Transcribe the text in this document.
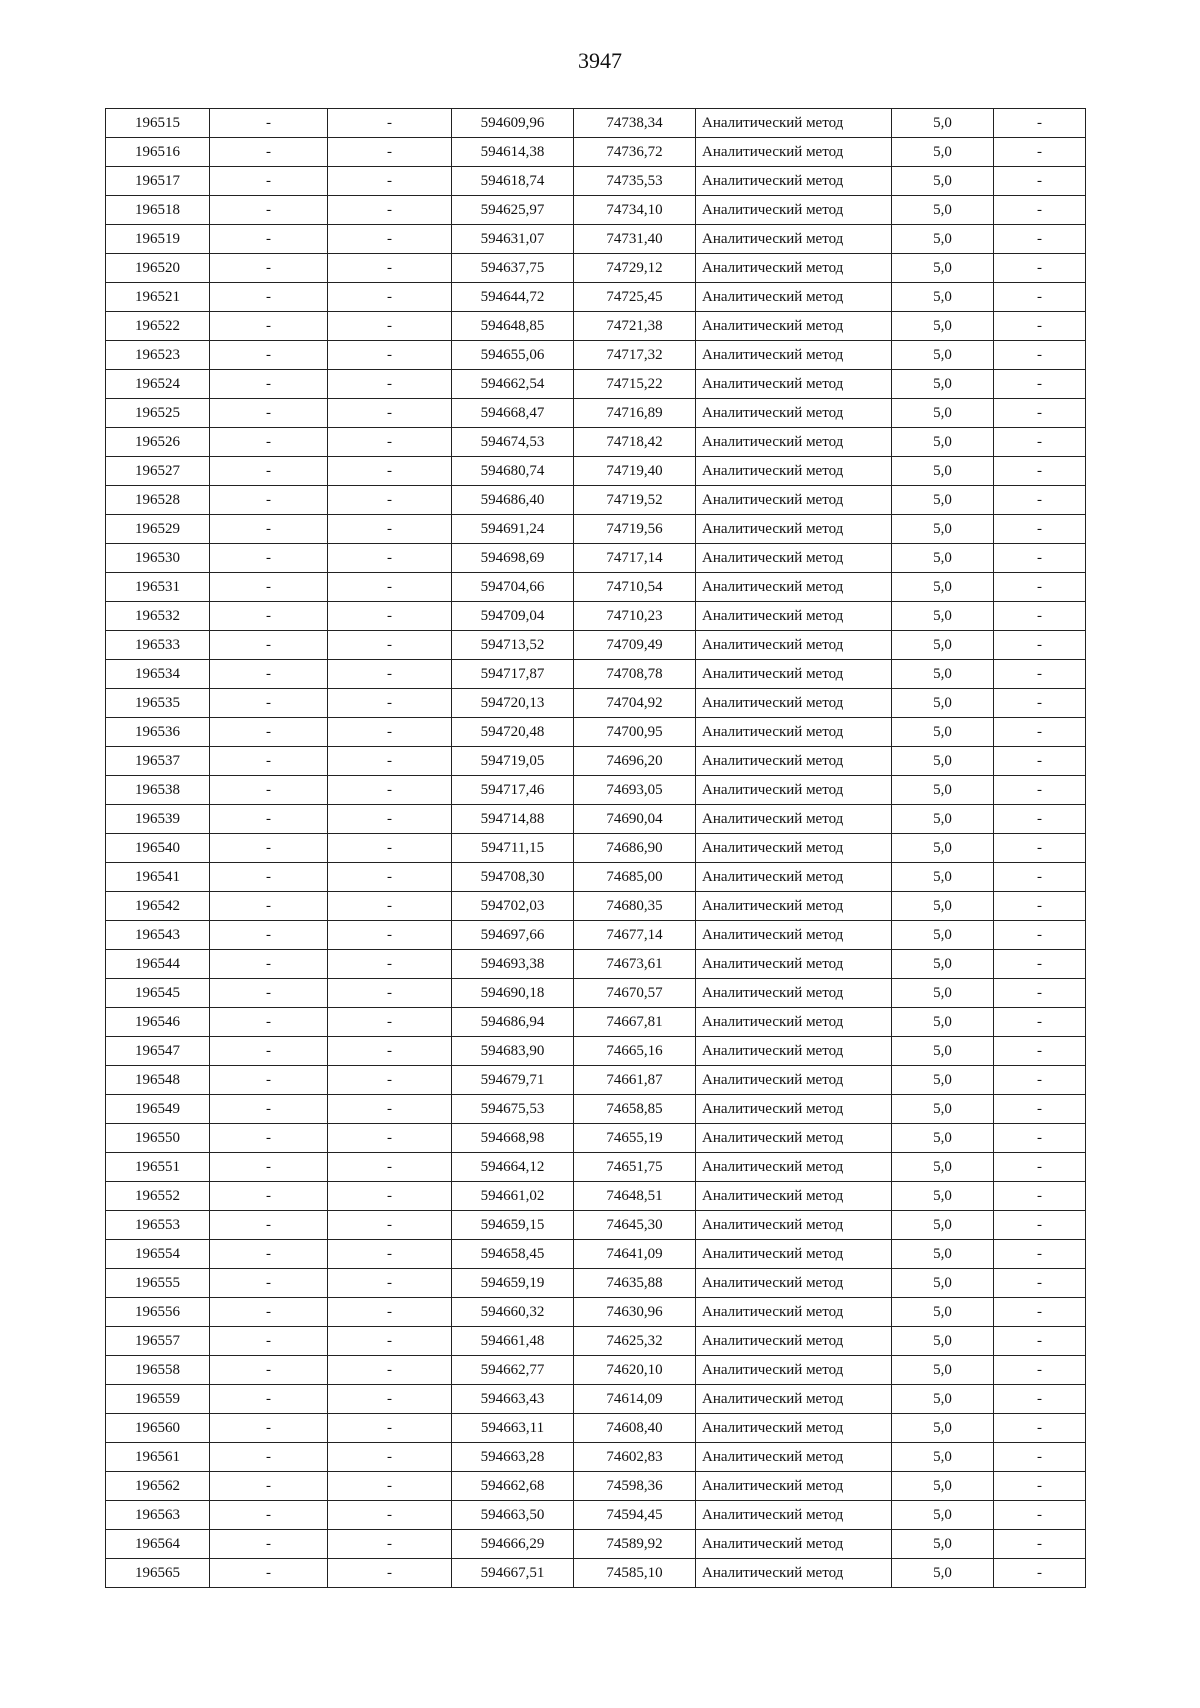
3947
196515	-	-	594609,96	74738,34	Аналитический метод	5,0	-
196516	-	-	594614,38	74736,72	Аналитический метод	5,0	-
196517	-	-	594618,74	74735,53	Аналитический метод	5,0	-
196518	-	-	594625,97	74734,10	Аналитический метод	5,0	-
196519	-	-	594631,07	74731,40	Аналитический метод	5,0	-
196520	-	-	594637,75	74729,12	Аналитический метод	5,0	-
196521	-	-	594644,72	74725,45	Аналитический метод	5,0	-
196522	-	-	594648,85	74721,38	Аналитический метод	5,0	-
196523	-	-	594655,06	74717,32	Аналитический метод	5,0	-
196524	-	-	594662,54	74715,22	Аналитический метод	5,0	-
196525	-	-	594668,47	74716,89	Аналитический метод	5,0	-
196526	-	-	594674,53	74718,42	Аналитический метод	5,0	-
196527	-	-	594680,74	74719,40	Аналитический метод	5,0	-
196528	-	-	594686,40	74719,52	Аналитический метод	5,0	-
196529	-	-	594691,24	74719,56	Аналитический метод	5,0	-
196530	-	-	594698,69	74717,14	Аналитический метод	5,0	-
196531	-	-	594704,66	74710,54	Аналитический метод	5,0	-
196532	-	-	594709,04	74710,23	Аналитический метод	5,0	-
196533	-	-	594713,52	74709,49	Аналитический метод	5,0	-
196534	-	-	594717,87	74708,78	Аналитический метод	5,0	-
196535	-	-	594720,13	74704,92	Аналитический метод	5,0	-
196536	-	-	594720,48	74700,95	Аналитический метод	5,0	-
196537	-	-	594719,05	74696,20	Аналитический метод	5,0	-
196538	-	-	594717,46	74693,05	Аналитический метод	5,0	-
196539	-	-	594714,88	74690,04	Аналитический метод	5,0	-
196540	-	-	594711,15	74686,90	Аналитический метод	5,0	-
196541	-	-	594708,30	74685,00	Аналитический метод	5,0	-
196542	-	-	594702,03	74680,35	Аналитический метод	5,0	-
196543	-	-	594697,66	74677,14	Аналитический метод	5,0	-
196544	-	-	594693,38	74673,61	Аналитический метод	5,0	-
196545	-	-	594690,18	74670,57	Аналитический метод	5,0	-
196546	-	-	594686,94	74667,81	Аналитический метод	5,0	-
196547	-	-	594683,90	74665,16	Аналитический метод	5,0	-
196548	-	-	594679,71	74661,87	Аналитический метод	5,0	-
196549	-	-	594675,53	74658,85	Аналитический метод	5,0	-
196550	-	-	594668,98	74655,19	Аналитический метод	5,0	-
196551	-	-	594664,12	74651,75	Аналитический метод	5,0	-
196552	-	-	594661,02	74648,51	Аналитический метод	5,0	-
196553	-	-	594659,15	74645,30	Аналитический метод	5,0	-
196554	-	-	594658,45	74641,09	Аналитический метод	5,0	-
196555	-	-	594659,19	74635,88	Аналитический метод	5,0	-
196556	-	-	594660,32	74630,96	Аналитический метод	5,0	-
196557	-	-	594661,48	74625,32	Аналитический метод	5,0	-
196558	-	-	594662,77	74620,10	Аналитический метод	5,0	-
196559	-	-	594663,43	74614,09	Аналитический метод	5,0	-
196560	-	-	594663,11	74608,40	Аналитический метод	5,0	-
196561	-	-	594663,28	74602,83	Аналитический метод	5,0	-
196562	-	-	594662,68	74598,36	Аналитический метод	5,0	-
196563	-	-	594663,50	74594,45	Аналитический метод	5,0	-
196564	-	-	594666,29	74589,92	Аналитический метод	5,0	-
196565	-	-	594667,51	74585,10	Аналитический метод	5,0	-
